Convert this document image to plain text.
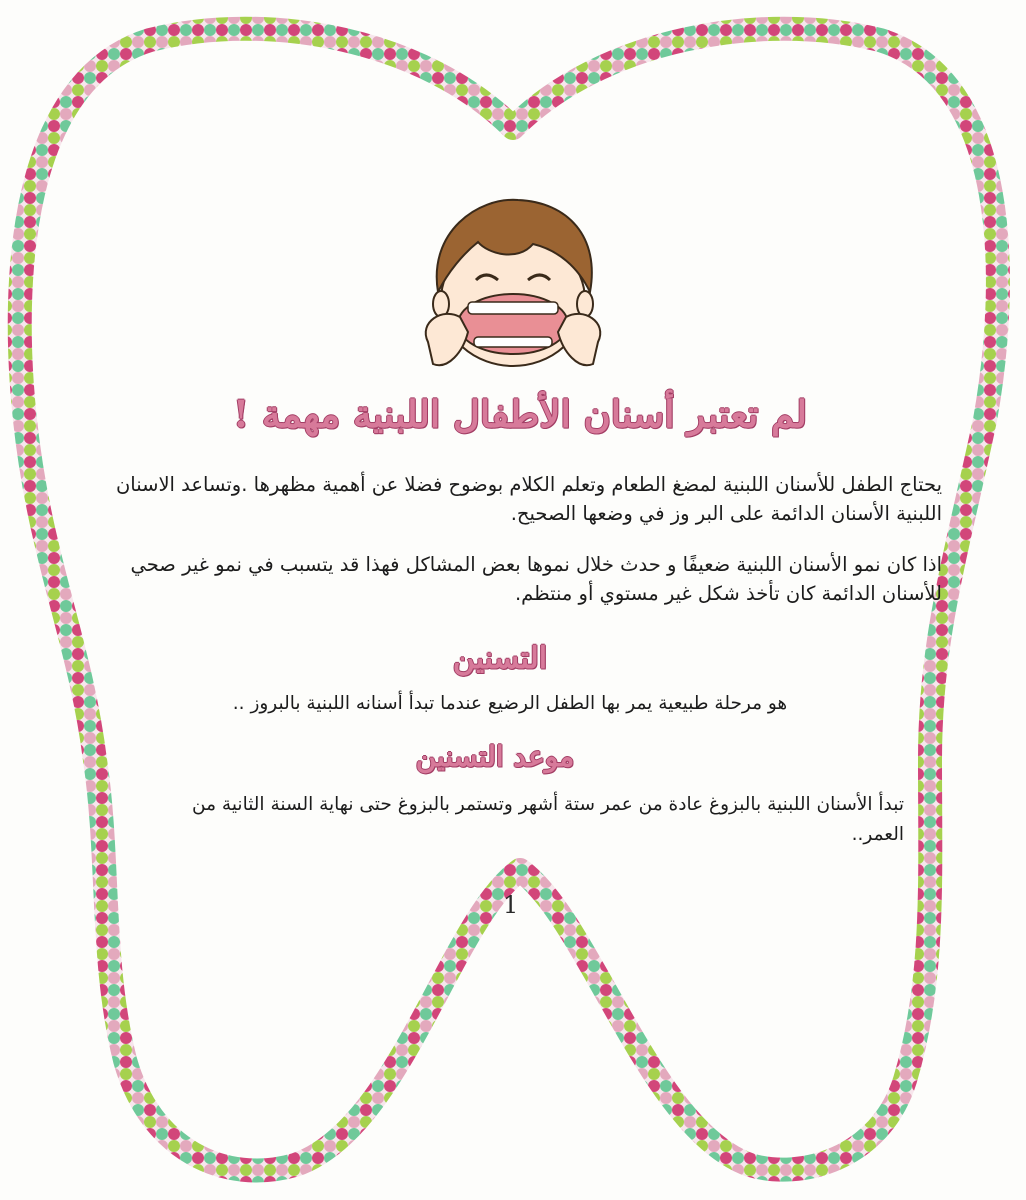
لم تعتبر أسنان الأطفال اللبنية مهمة !
يحتاج الطفل للأسنان اللبنية لمضغ الطعام وتعلم الكلام بوضوح فضلا عن أهمية مظهرها .وتساعد الاسنان اللبنية الأسنان الدائمة على البر وز في وضعها الصحيح.
اذا كان نمو الأسنان اللبنية ضعيفًا و حدث خلال نموها بعض المشاكل فهذا قد يتسبب في نمو غير صحي للأسنان الدائمة كان تأخذ شكل غير مستوي أو منتظم.
التسنين
هو مرحلة طبيعية يمر بها الطفل الرضيع عندما تبدأ أسنانه اللبنية بالبروز ..
موعد التسنين
تبدأ الأسنان اللبنية بالبزوغ عادة من عمر ستة أشهر وتستمر بالبزوغ حتى نهاية السنة الثانية من العمر..
1
